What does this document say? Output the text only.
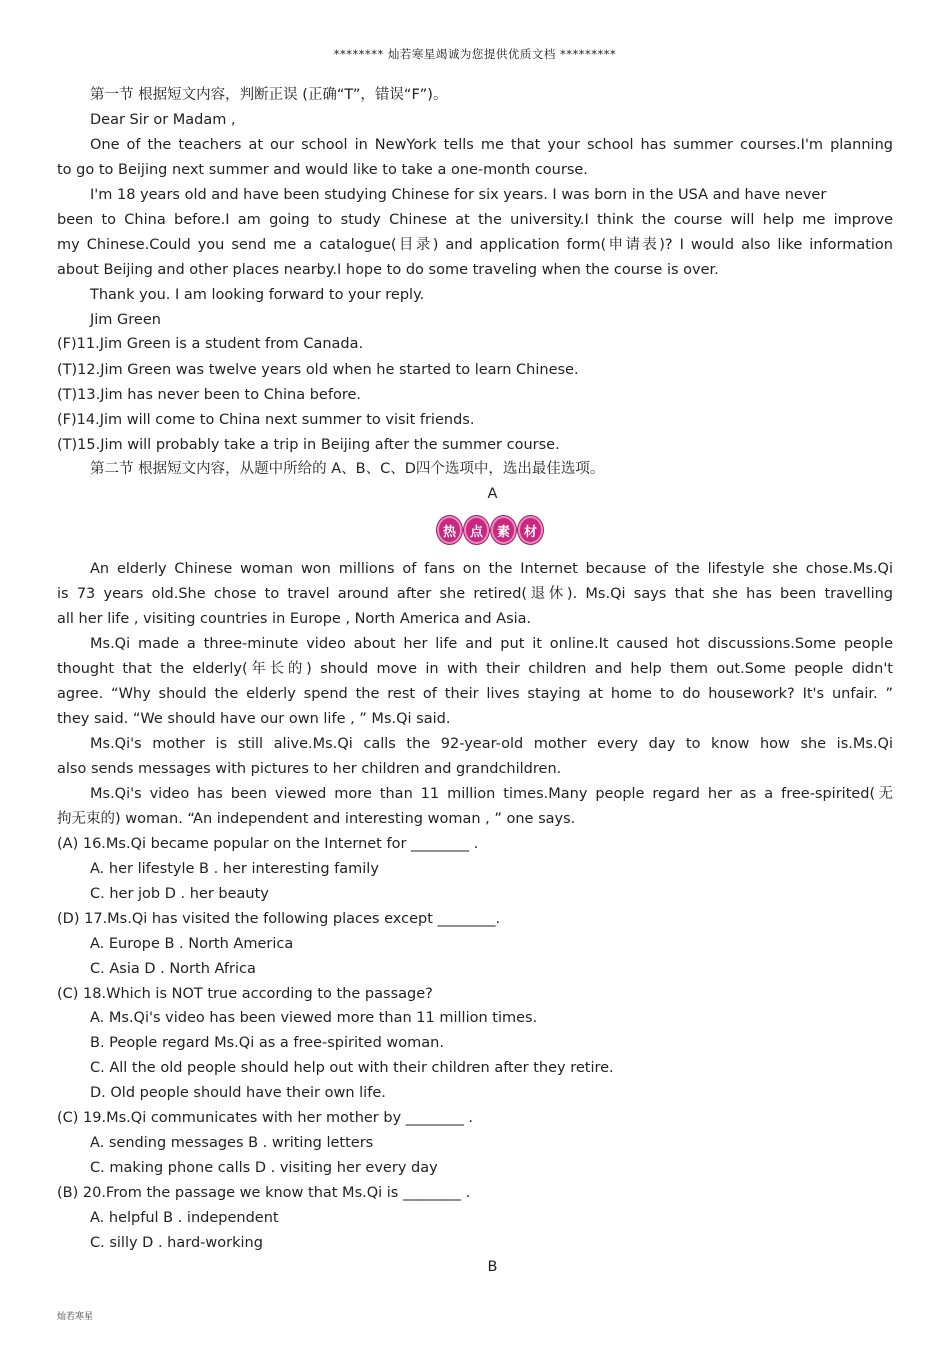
******** 灿若寒星竭诚为您提供优质文档 *********
第一节 根据短文内容，判断正误 (正确“T”，错误“F”)。
Dear Sir or Madam ,
One of the teachers at our school in NewYork tells me that your school has summer courses.I'm planning
to go to Beijing next summer and would like to take a one-month course.
I'm 18 years old and have been studying Chinese for six years. I was born in the USA and have never
been to China before.I am going to study Chinese at the university.I think the course will help me improve
my Chinese.Could you send me a catalogue(目录) and application form(申请表)? I would also like information
about Beijing and other places nearby.I hope to do some traveling when the course is over.
Thank you. I am looking forward to your reply.
Jim Green
(F)11.Jim Green is a student from Canada.
(T)12.Jim Green was twelve years old when he started to learn Chinese.
(T)13.Jim has never been to China before.
(F)14.Jim will come to China next summer to visit friends.
(T)15.Jim will probably take a trip in Beijing after the summer course.
第二节 根据短文内容，从题中所给的 A、B、C、D四个选项中，选出最佳选项。
A
热	点	素	材
An elderly Chinese woman won millions of fans on the Internet because of the lifestyle she chose.Ms.Qi
is 73 years old.She chose to travel around after she retired(退休). Ms.Qi says that she has been travelling
all her life , visiting countries in Europe , North America and Asia.
Ms.Qi made a three-minute video about her life and put it online.It caused hot discussions.Some people
thought that the elderly(年长的) should move in with their children and help them out.Some people didn't
agree. “Why should the elderly spend the rest of their lives staying at home to do housework? It's unfair. ”
they said. “We should have our own life , ” Ms.Qi said.
Ms.Qi's mother is still alive.Ms.Qi calls the 92-year-old mother every day to know how she is.Ms.Qi
also sends messages with pictures to her children and grandchildren.
Ms.Qi's video has been viewed more than 11 million times.Many people regard her as a free-spirited(无
拘无束的) woman. “An independent and interesting woman , ” one says.
(A) 16.Ms.Qi became popular on the Internet for ________ .
A. her lifestyle B . her interesting family
C. her job D . her beauty
(D) 17.Ms.Qi has visited the following places except ________.
A. Europe B . North America
C. Asia D . North Africa
(C) 18.Which is NOT true according to the passage?
A. Ms.Qi's video has been viewed more than 11 million times.
B. People regard Ms.Qi as a free-spirited woman.
C. All the old people should help out with their children after they retire.
D. Old people should have their own life.
(C) 19.Ms.Qi communicates with her mother by ________ .
A. sending messages B . writing letters
C. making phone calls D . visiting her every day
(B) 20.From the passage we know that Ms.Qi is ________ .
A. helpful B . independent
C. silly D . hard-working
B
灿若寒星
